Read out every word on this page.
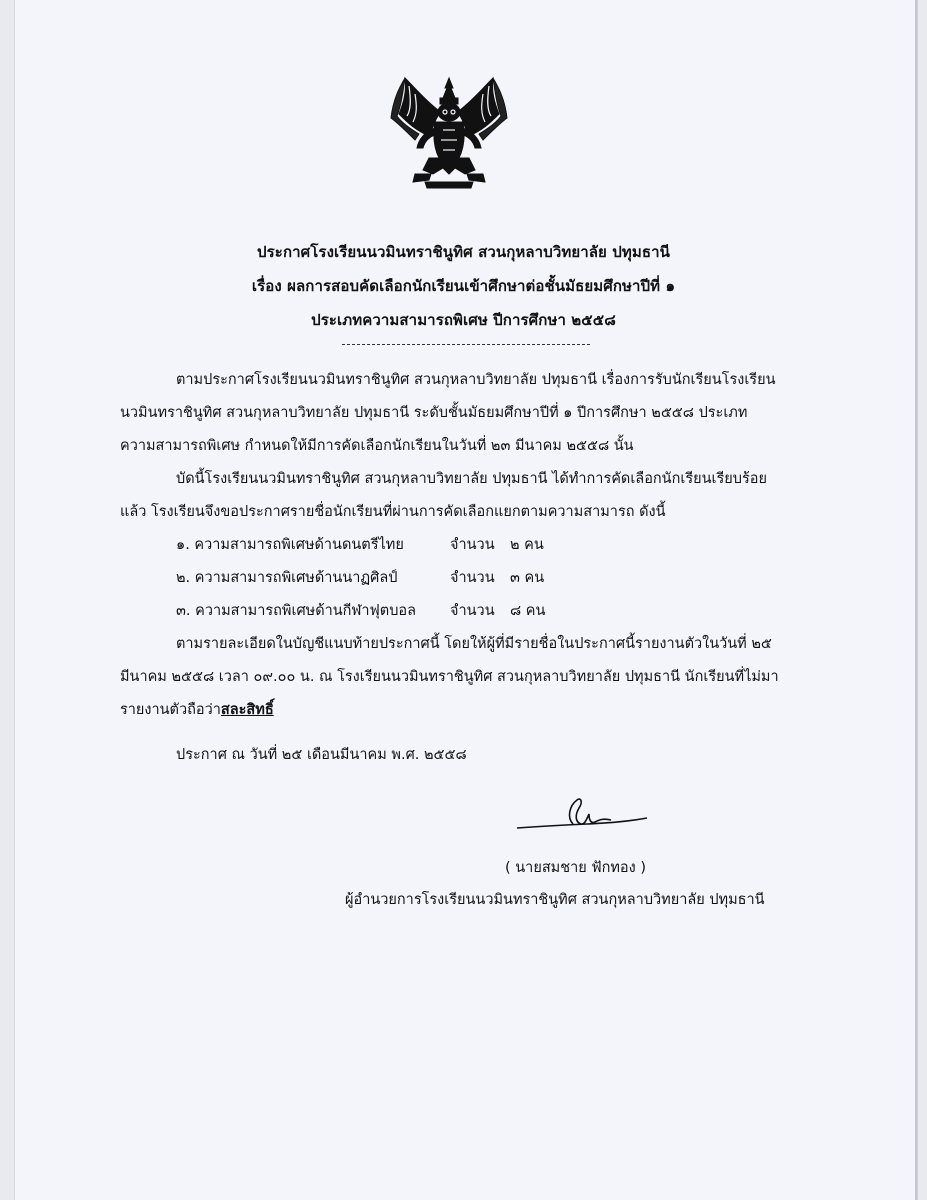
ประกาศโรงเรียนนวมินทราชินูทิศ สวนกุหลาบวิทยาลัย ปทุมธานี
เรื่อง ผลการสอบคัดเลือกนักเรียนเข้าศึกษาต่อชั้นมัธยมศึกษาปีที่ ๑
ประเภทความสามารถพิเศษ ปีการศึกษา ๒๕๕๘
ตามประกาศโรงเรียนนวมินทราชินูทิศ สวนกุหลาบวิทยาลัย ปทุมธานี เรื่องการรับนักเรียนโรงเรียน
นวมินทราชินูทิศ สวนกุหลาบวิทยาลัย ปทุมธานี ระดับชั้นมัธยมศึกษาปีที่ ๑ ปีการศึกษา ๒๕๕๘ ประเภท
ความสามารถพิเศษ กำหนดให้มีการคัดเลือกนักเรียนในวันที่ ๒๓ มีนาคม ๒๕๕๘ นั้น
บัดนี้โรงเรียนนวมินทราชินูทิศ สวนกุหลาบวิทยาลัย ปทุมธานี ได้ทำการคัดเลือกนักเรียนเรียบร้อย
แล้ว โรงเรียนจึงขอประกาศรายชื่อนักเรียนที่ผ่านการคัดเลือกแยกตามความสามารถ ดังนี้
๑. ความสามารถพิเศษด้านดนตรีไทย	จำนวน ๒ คน
๒. ความสามารถพิเศษด้านนาฏศิลป์	จำนวน ๓ คน
๓. ความสามารถพิเศษด้านกีฬาฟุตบอล จำนวน ๘ คน
ตามรายละเอียดในบัญชีแนบท้ายประกาศนี้ โดยให้ผู้ที่มีรายชื่อในประกาศนี้รายงานตัวในวันที่ ๒๕
มีนาคม ๒๕๕๘ เวลา ๐๙.๐๐ น. ณ โรงเรียนนวมินทราชินูทิศ สวนกุหลาบวิทยาลัย ปทุมธานี นักเรียนที่ไม่มา
รายงานตัวถือว่าสละสิทธิ์
ประกาศ ณ วันที่ ๒๕ เดือนมีนาคม พ.ศ. ๒๕๕๘
( นายสมชาย ฟักทอง )
ผู้อำนวยการโรงเรียนนวมินทราชินูทิศ สวนกุหลาบวิทยาลัย ปทุมธานี
